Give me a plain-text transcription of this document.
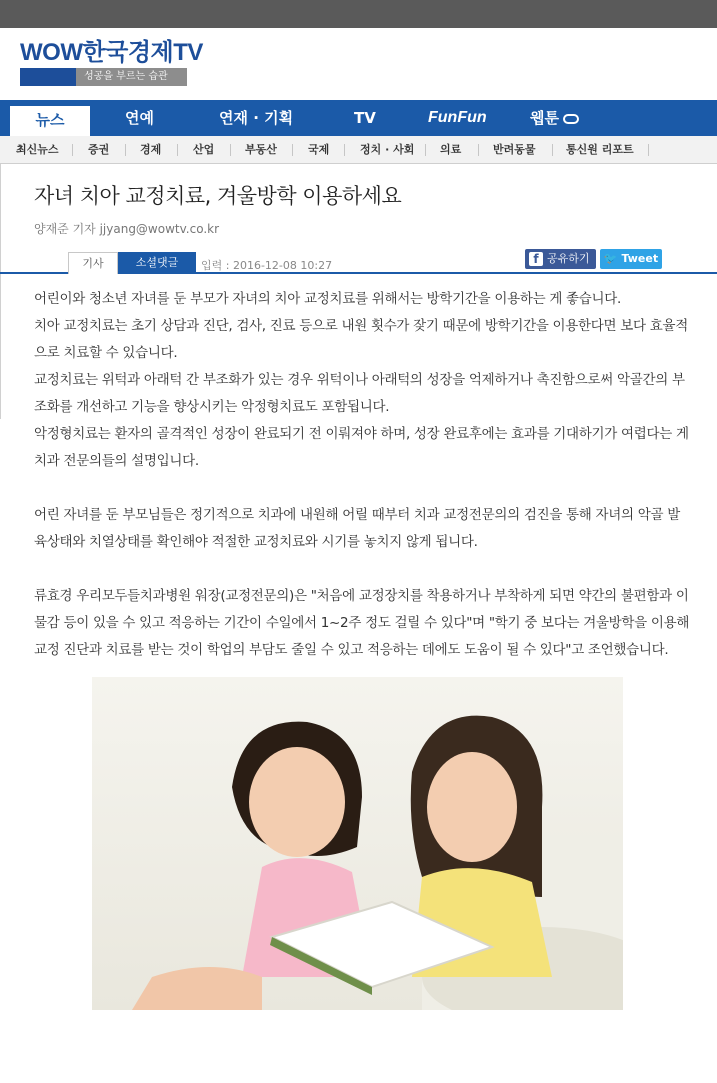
WOW한국경제TV
성공을 부르는 습관
뉴스	연예	연재 · 기획	TV	FunFun	웹툰
최신뉴스	증권	경제	산업	부동산	국제	정치 · 사회 의료	반려동물	통신원 리포트
자녀 치아 교정치료, 겨울방학 이용하세요
양재준 기자 jjyang@wowtv.co.kr
기사	소셜댓글	입력 : 2016-12-08 10:27	f 공유하기	🐦 Tweet

어린이와 청소년 자녀를 둔 부모가 자녀의 치아 교정치료를 위해서는 방학기간을 이용하는 게 좋습니다.

치아 교정치료는 초기 상담과 진단, 검사, 진료 등으로 내원 횟수가 잦기 때문에 방학기간을 이용한다면 보다 효율적으로 치료할 수 있습니다.

교정치료는 위턱과 아래턱 간 부조화가 있는 경우 위턱이나 아래턱의 성장을 억제하거나 촉진함으로써 악골간의 부조화를 개선하고 기능을 향상시키는 악정형치료도 포함됩니다.

악정형치료는 환자의 골격적인 성장이 완료되기 전 이뤄져야 하며, 성장 완료후에는 효과를 기대하기가 여렵다는 게 치과 전문의들의 설명입니다.

어린 자녀를 둔 부모님들은 정기적으로 치과에 내원해 어릴 때부터 치과 교정전문의의 검진을 통해 자녀의 악골 발육상태와 치열상태를 확인해야 적절한 교정치료와 시기를 놓치지 않게 됩니다.

류효경 우리모두들치과병원 워장(교정전문의)은 "처음에 교정장치를 착용하거나 부착하게 되면 약간의 불편함과 이물감 등이 있을 수 있고 적응하는 기간이 수일에서 1~2주 정도 걸릴 수 있다"며 "학기 중 보다는 겨울방학을 이용해 교정 진단과 치료를 받는 것이 학업의 부담도 줄일 수 있고 적응하는 데에도 도움이 될 수 있다"고 조언했습니다.
